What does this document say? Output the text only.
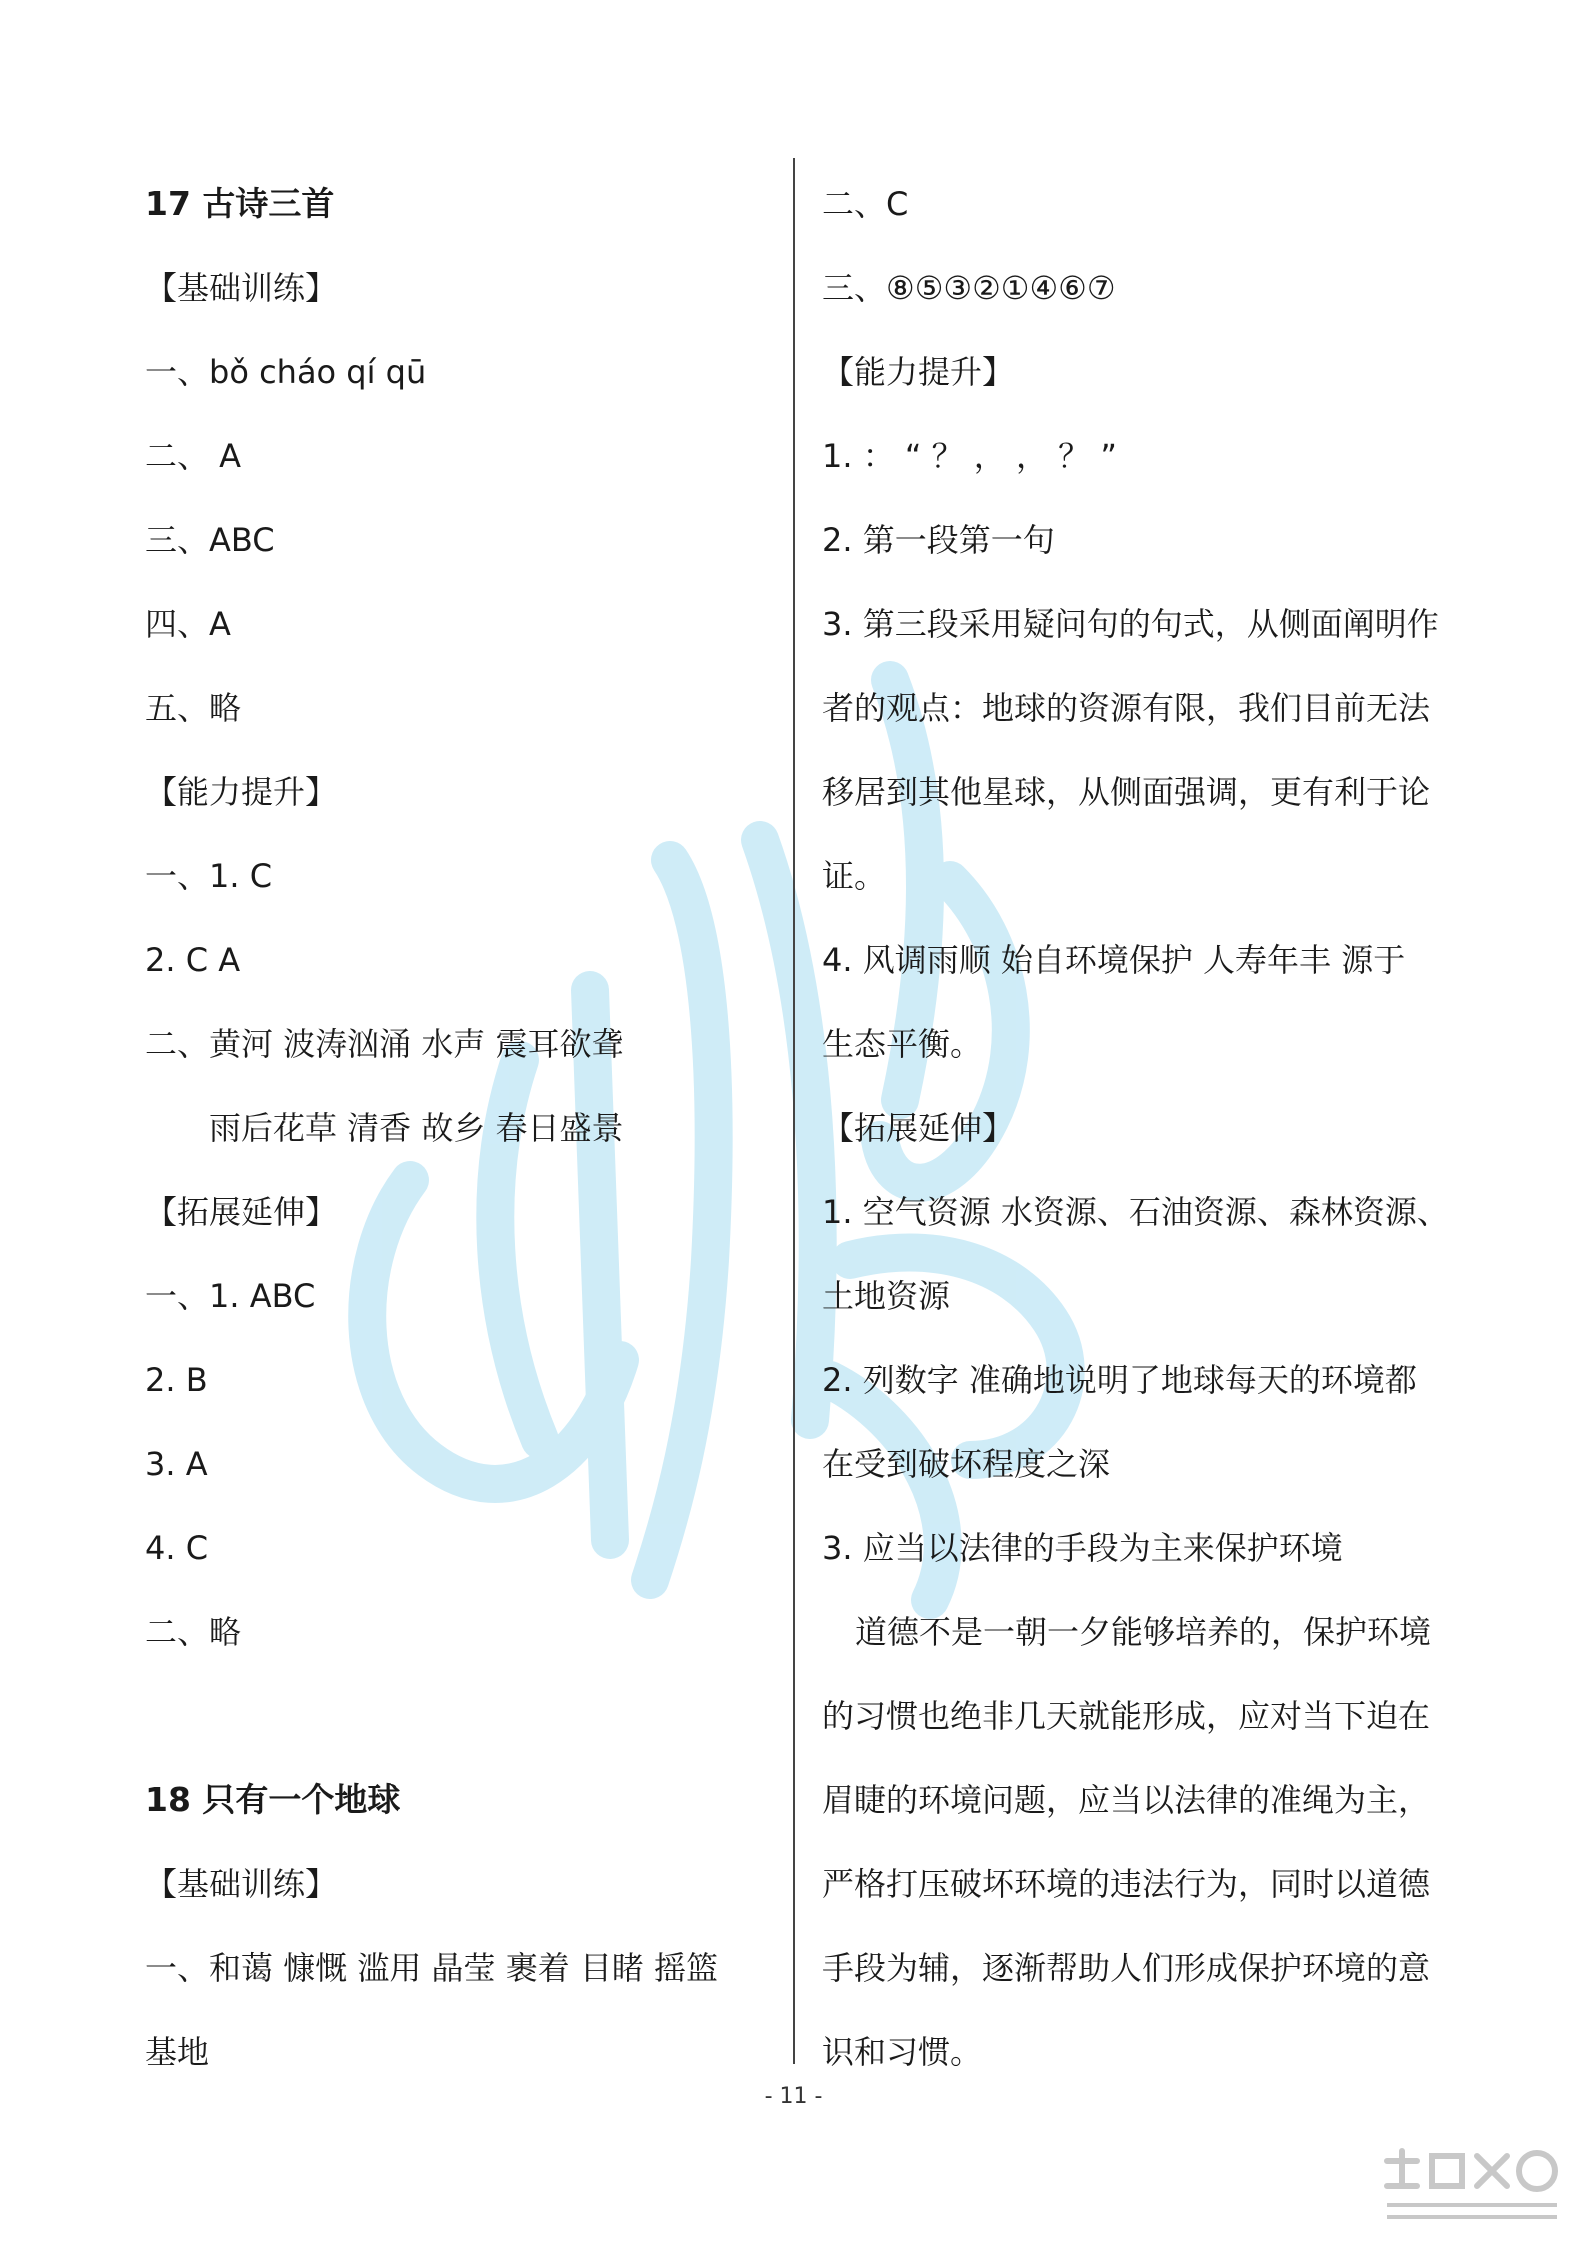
17 古诗三首
【基础训练】
一、bǒ cháo qí qū
二、 A
三、ABC
四、A
五、略
【能力提升】
一、1. C
2. C A
二、黄河 波涛汹涌 水声 震耳欲聋
雨后花草 清香 故乡 春日盛景
【拓展延伸】
一、1. ABC
2. B
3. A
4. C
二、略
18 只有一个地球
【基础训练】
一、和蔼 慷慨 滥用 晶莹 裹着 目睹 摇篮
基地
二、C
三、⑧⑤③②①④⑥⑦
【能力提升】
1. ： “ ？ ， ， ？ ”
2. 第一段第一句
3. 第三段采用疑问句的句式，从侧面阐明作
者的观点：地球的资源有限，我们目前无法
移居到其他星球，从侧面强调，更有利于论
证。
4. 风调雨顺 始自环境保护 人寿年丰 源于
生态平衡。
【拓展延伸】
1. 空气资源 水资源、石油资源、森林资源、
土地资源
2. 列数字 准确地说明了地球每天的环境都
在受到破坏程度之深
3. 应当以法律的手段为主来保护环境
道德不是一朝一夕能够培养的，保护环境
的习惯也绝非几天就能形成，应对当下迫在
眉睫的环境问题，应当以法律的准绳为主，
严格打压破坏环境的违法行为，同时以道德
手段为辅，逐渐帮助人们形成保护环境的意
识和习惯。
- 11 -
